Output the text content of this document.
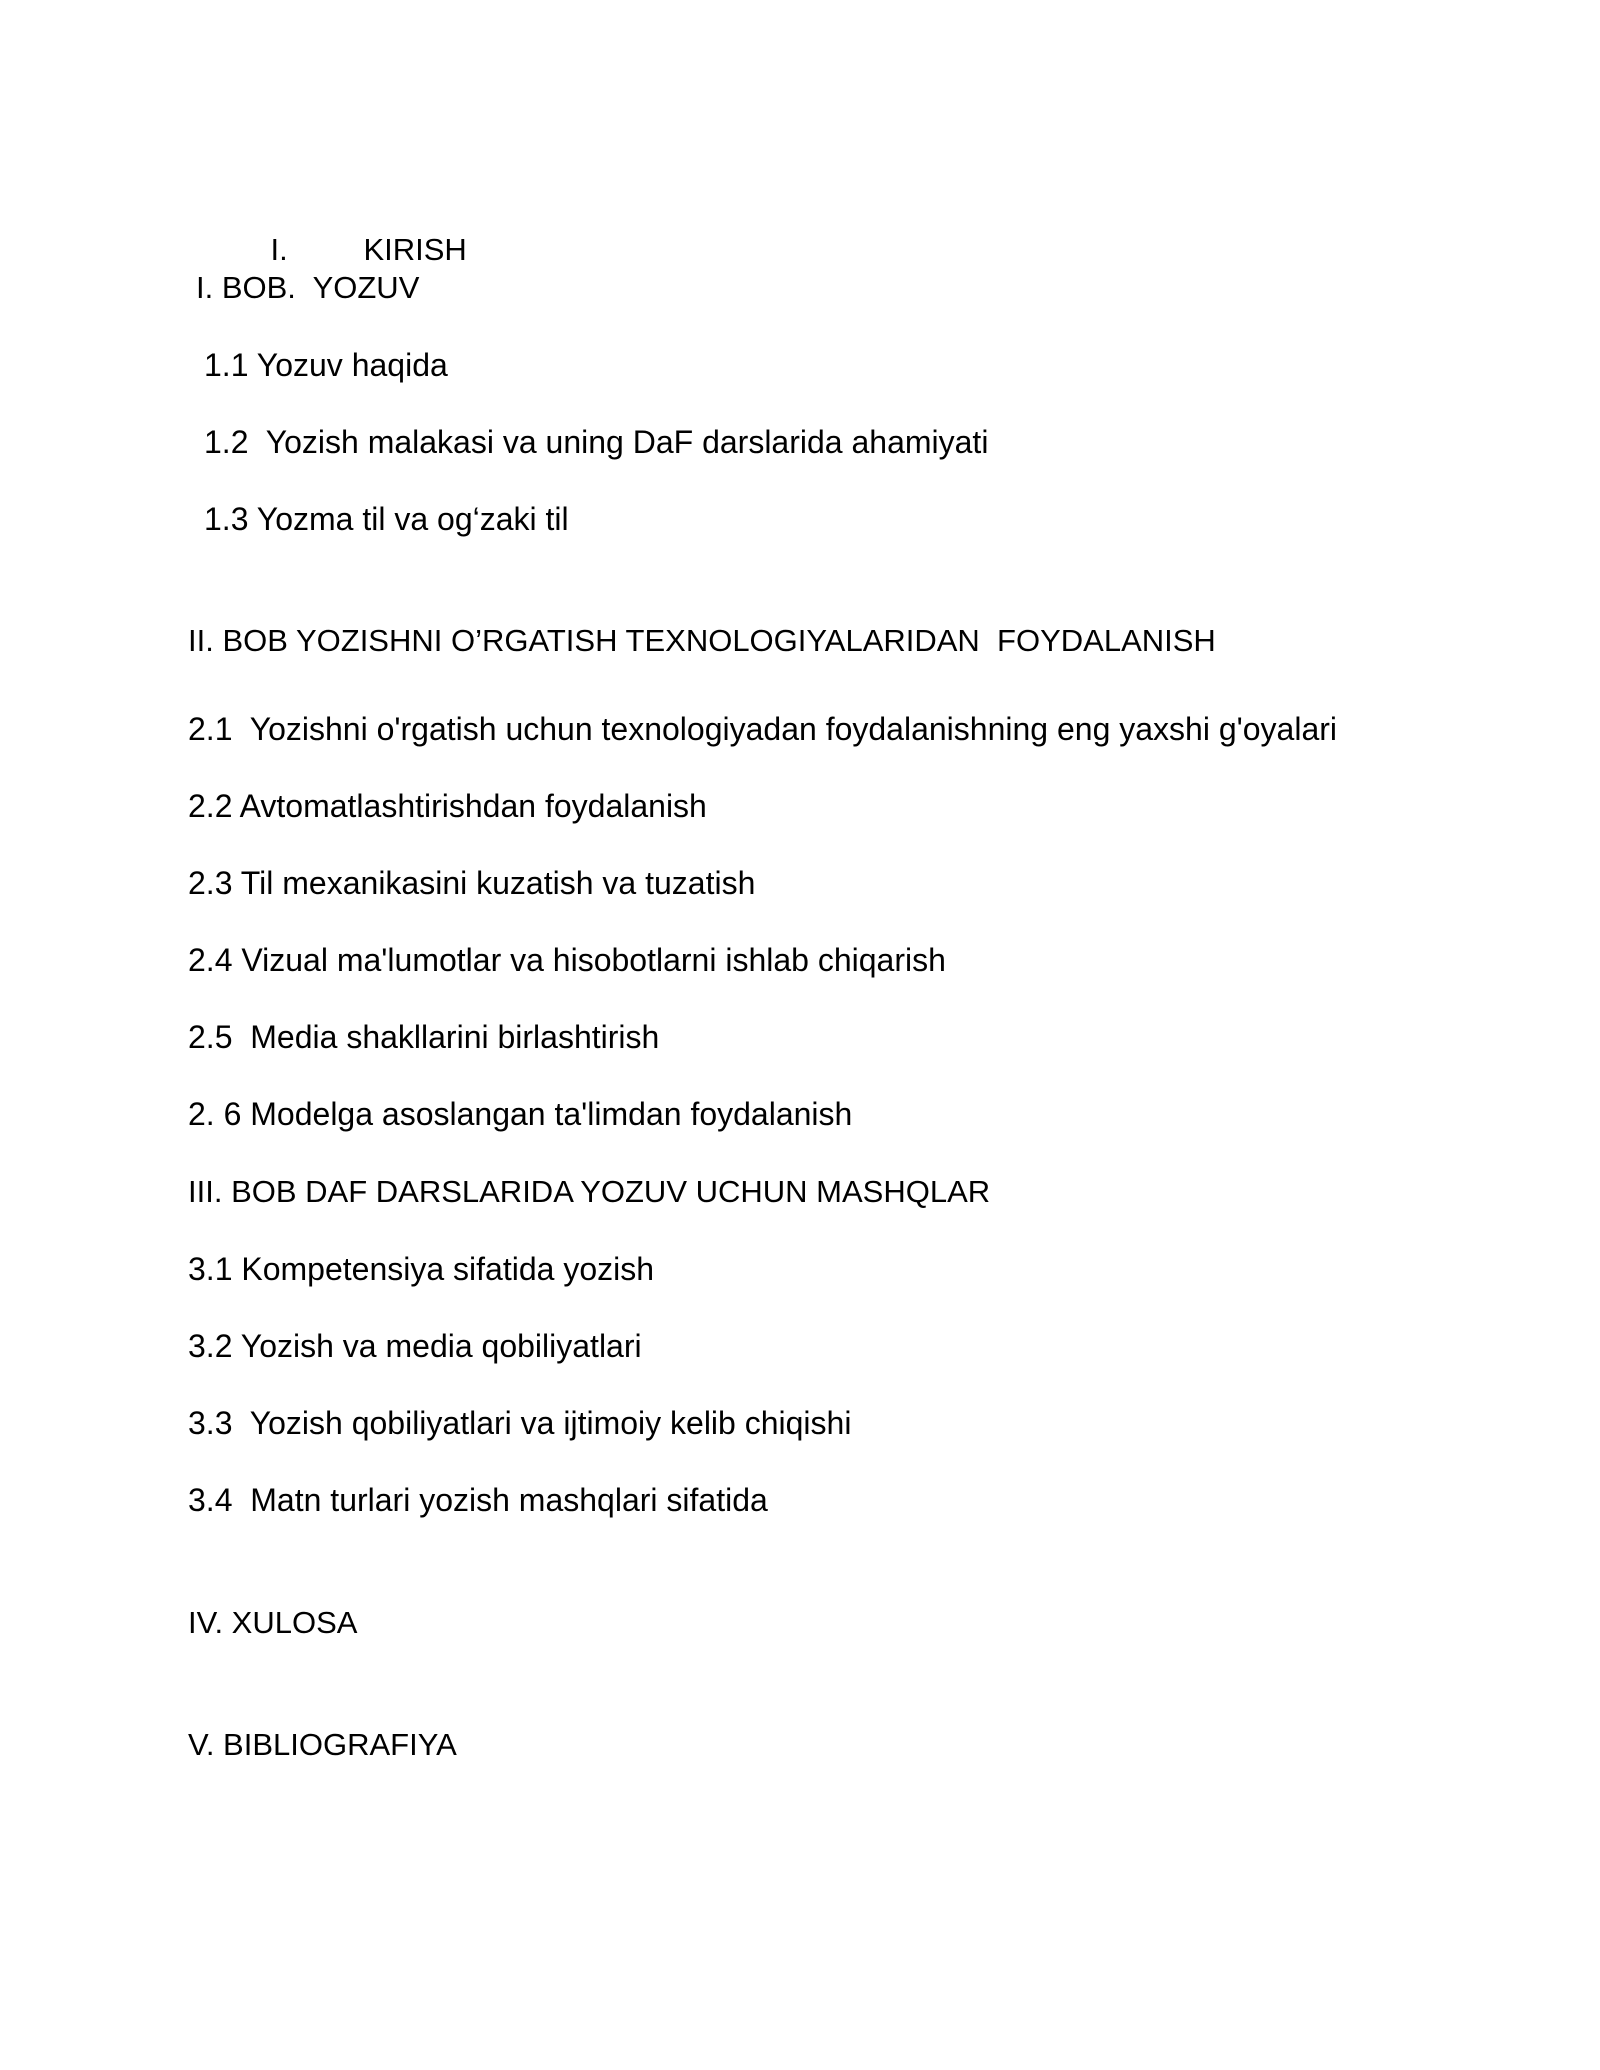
I. KIRISH

I. BOB.  YOZUV
1.1 Yozuv haqida
1.2  Yozish malakasi va uning DaF darslarida ahamiyati
1.3 Yozma til va og‘zaki til
II. BOB YOZISHNI O’RGATISH TEXNOLOGIYALARIDAN  FOYDALANISH
2.1  Yozishni o'rgatish uchun texnologiyadan foydalanishning eng yaxshi g'oyalari
2.2 Avtomatlashtirishdan foydalanish
2.3 Til mexanikasini kuzatish va tuzatish
2.4 Vizual ma'lumotlar va hisobotlarni ishlab chiqarish
2.5  Media shakllarini birlashtirish
2. 6 Modelga asoslangan ta'limdan foydalanish
III. BOB DAF DARSLARIDA YOZUV UCHUN MASHQLAR
3.1 Kompetensiya sifatida yozish
3.2 Yozish va media qobiliyatlari
3.3  Yozish qobiliyatlari va ijtimoiy kelib chiqishi
3.4  Matn turlari yozish mashqlari sifatida
IV. XULOSA
V. BIBLIOGRAFIYA
